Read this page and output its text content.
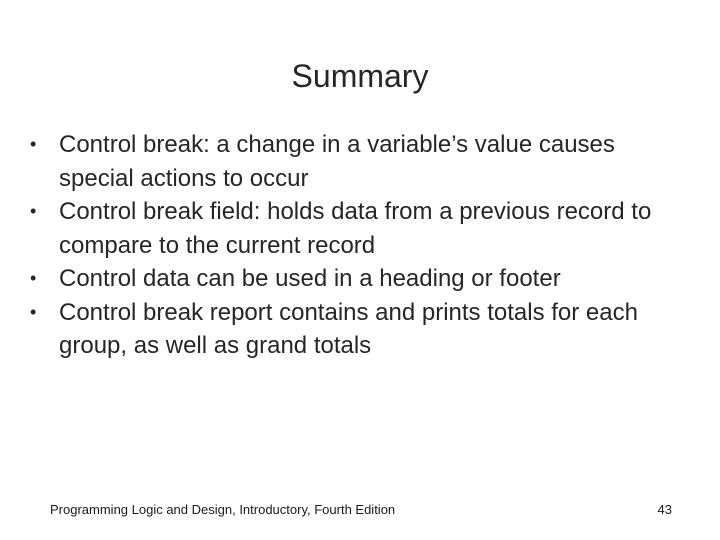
Summary
• Control break: a change in a variable’s value causes special actions to occur
• Control break field: holds data from a previous record to compare to the current record
• Control data can be used in a heading or footer
• Control break report contains and prints totals for each group, as well as grand totals
Programming Logic and Design, Introductory, Fourth Edition	43
